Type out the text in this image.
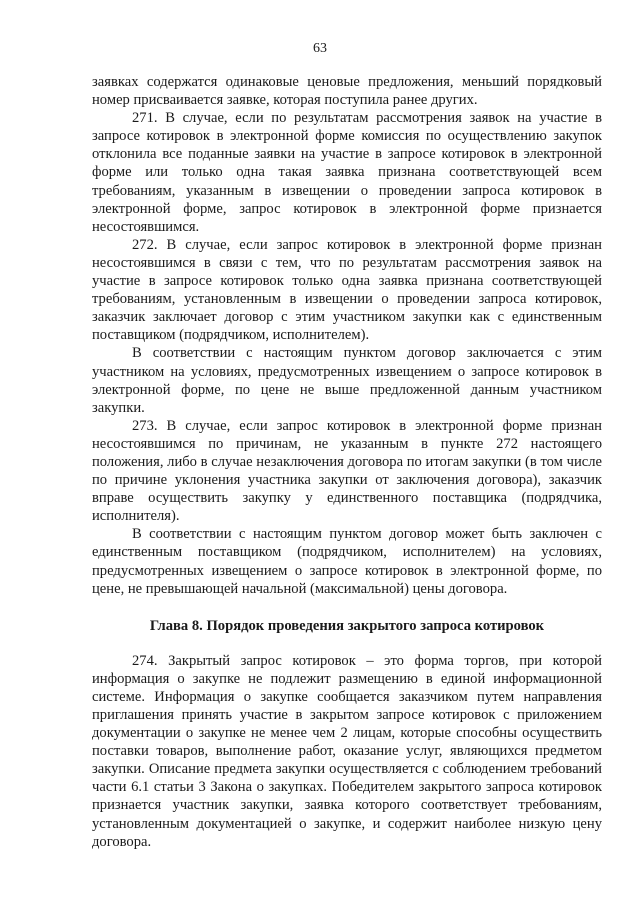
63

заявках содержатся одинаковые ценовые предложения, меньший порядковый номер присваивается заявке, которая поступила ранее других.

271. В случае, если по результатам рассмотрения заявок на участие в запросе котировок в электронной форме комиссия по осуществлению закупок отклонила все поданные заявки на участие в запросе котировок в электронной форме или только одна такая заявка признана соответствующей всем требованиям, указанным в извещении о проведении запроса котировок в электронной форме, запрос котировок в электронной форме признается несостоявшимся.

272. В случае, если запрос котировок в электронной форме признан несостоявшимся в связи с тем, что по результатам рассмотрения заявок на участие в запросе котировок только одна заявка признана соответствующей требованиям, установленным в извещении о проведении запроса котировок, заказчик заключает договор с этим участником закупки как с единственным поставщиком (подрядчиком, исполнителем).

В соответствии с настоящим пунктом договор заключается с этим участником на условиях, предусмотренных извещением о запросе котировок в электронной форме, по цене не выше предложенной данным участником закупки.

273. В случае, если запрос котировок в электронной форме признан несостоявшимся по причинам, не указанным в пункте 272 настоящего положения, либо в случае незаключения договора по итогам закупки (в том числе по причине уклонения участника закупки от заключения договора), заказчик вправе осуществить закупку у единственного поставщика (подрядчика, исполнителя).

В соответствии с настоящим пунктом договор может быть заключен с единственным поставщиком (подрядчиком, исполнителем) на условиях, предусмотренных извещением о запросе котировок в электронной форме, по цене, не превышающей начальной (максимальной) цены договора.

Глава 8. Порядок проведения закрытого запроса котировок

274. Закрытый запрос котировок – это форма торгов, при которой информация о закупке не подлежит размещению в единой информационной системе. Информация о закупке сообщается заказчиком путем направления приглашения принять участие в закрытом запросе котировок с приложением документации о закупке не менее чем 2 лицам, которые способны осуществить поставки товаров, выполнение работ, оказание услуг, являющихся предметом закупки. Описание предмета закупки осуществляется с соблюдением требований части 6.1 статьи 3 Закона о закупках. Победителем закрытого запроса котировок признается участник закупки, заявка которого соответствует требованиям, установленным документацией о закупке, и содержит наиболее низкую цену договора.
